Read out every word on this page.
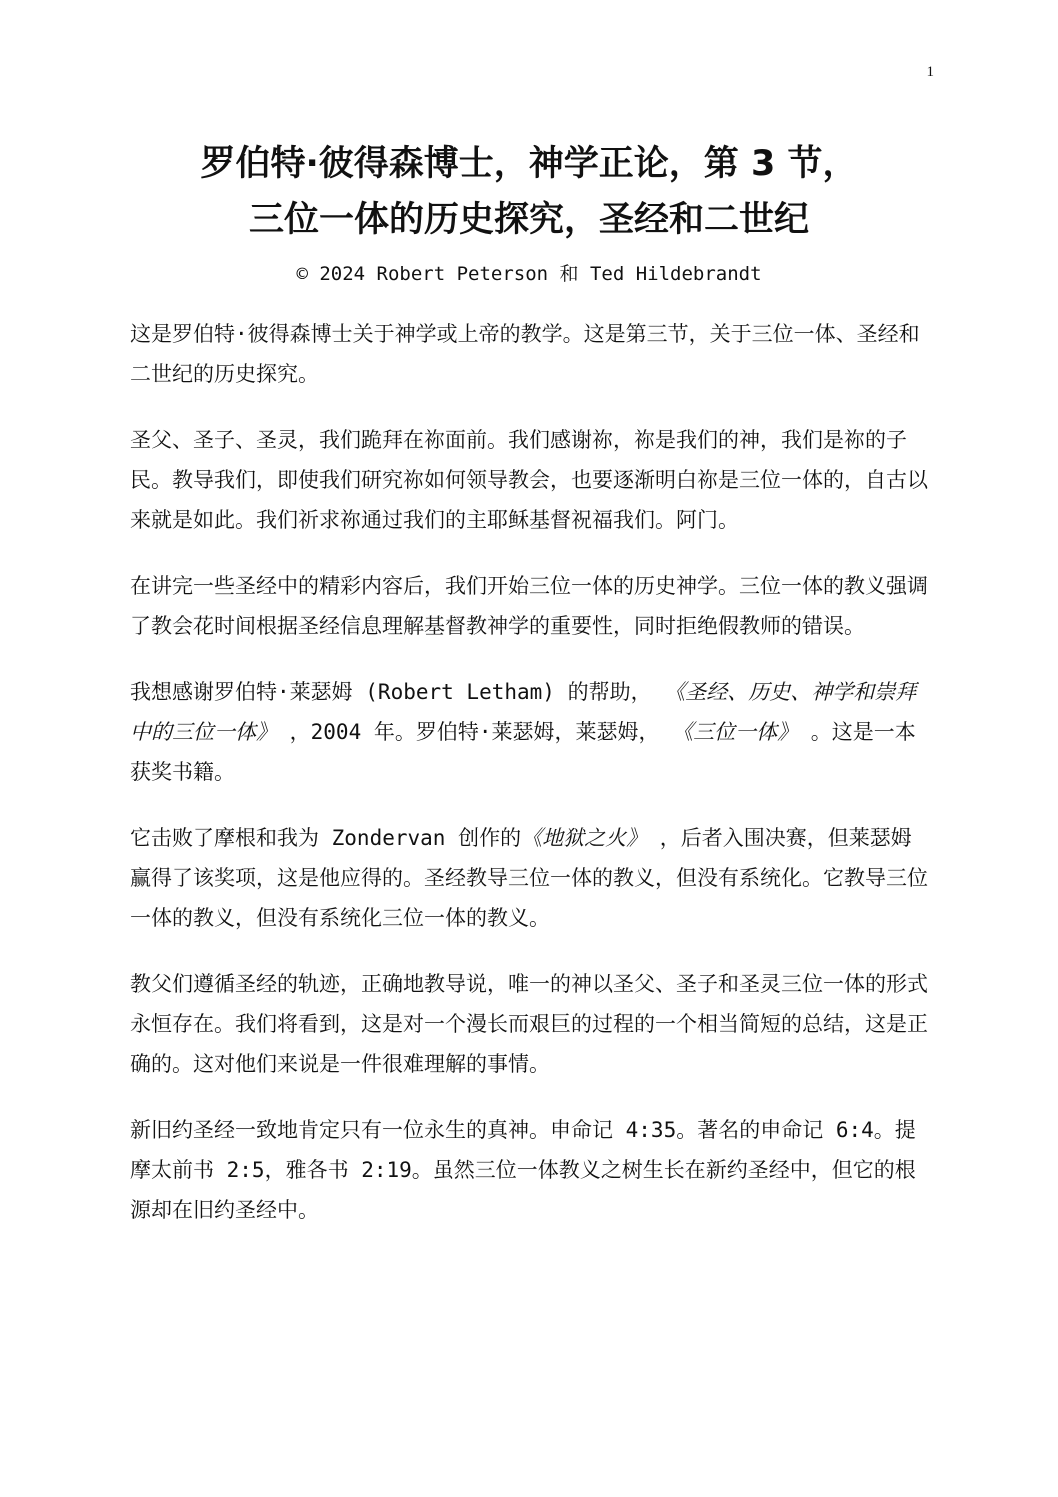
1
罗伯特·彼得森博士，神学正论，第 3 节，
三位一体的历史探究，圣经和二世纪
© 2024 Robert Peterson 和 Ted Hildebrandt

这是罗伯特·彼得森博士关于神学或上帝的教学。这是第三节，关于三位一体、圣经和二世纪的历史探究。

圣父、圣子、圣灵，我们跪拜在祢面前。我们感谢祢，祢是我们的神，我们是祢的子民。教导我们，即使我们研究祢如何领导教会，也要逐渐明白祢是三位一体的，自古以来就是如此。我们祈求祢通过我们的主耶稣基督祝福我们。阿门。

在讲完一些圣经中的精彩内容后，我们开始三位一体的历史神学。三位一体的教义强调了教会花时间根据圣经信息理解基督教神学的重要性，同时拒绝假教师的错误。

我想感谢罗伯特·莱瑟姆 (Robert Letham) 的帮助， 《圣经、历史、神学和崇拜中的三位一体》 ，2004 年。罗伯特·莱瑟姆，莱瑟姆， 《三位一体》 。这是一本获奖书籍。

它击败了摩根和我为 Zondervan 创作的《地狱之火》 ，后者入围决赛，但莱瑟姆赢得了该奖项，这是他应得的。圣经教导三位一体的教义，但没有系统化。它教导三位一体的教义，但没有系统化三位一体的教义。

教父们遵循圣经的轨迹，正确地教导说，唯一的神以圣父、圣子和圣灵三位一体的形式永恒存在。我们将看到，这是对一个漫长而艰巨的过程的一个相当简短的总结，这是正确的。这对他们来说是一件很难理解的事情。

新旧约圣经一致地肯定只有一位永生的真神。申命记 4:35。著名的申命记 6:4。提摩太前书 2:5，雅各书 2:19。虽然三位一体教义之树生长在新约圣经中，但它的根源却在旧约圣经中。
